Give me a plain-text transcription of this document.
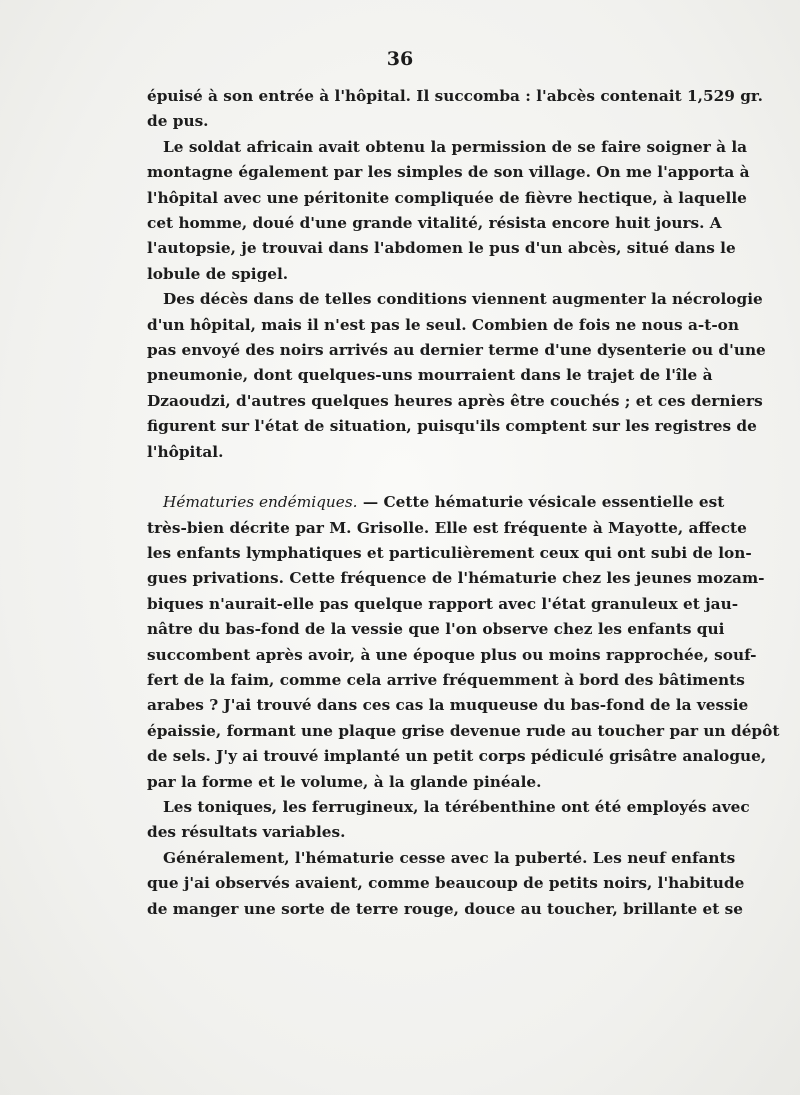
36
épuisé à son entrée à l'hôpital. Il succomba : l'abcès contenait 1,529 gr.
de pus.
Le soldat africain avait obtenu la permission de se faire soigner à la
montagne également par les simples de son village. On me l'apporta à
l'hôpital avec une péritonite compliquée de fièvre hectique, à laquelle
cet homme, doué d'une grande vitalité, résista encore huit jours. A
l'autopsie, je trouvai dans l'abdomen le pus d'un abcès, situé dans le
lobule de spigel.
Des décès dans de telles conditions viennent augmenter la nécrologie
d'un hôpital, mais il n'est pas le seul. Combien de fois ne nous a-t-on
pas envoyé des noirs arrivés au dernier terme d'une dysenterie ou d'une
pneumonie, dont quelques-uns mourraient dans le trajet de l'île à
Dzaoudzi, d'autres quelques heures après être couchés ; et ces derniers
figurent sur l'état de situation, puisqu'ils comptent sur les registres de
l'hôpital.
Hématuries endémiques. — Cette hématurie vésicale essentielle est
très-bien décrite par M. Grisolle. Elle est fréquente à Mayotte, affecte
les enfants lymphatiques et particulièrement ceux qui ont subi de lon-
gues privations. Cette fréquence de l'hématurie chez les jeunes mozam-
biques n'aurait-elle pas quelque rapport avec l'état granuleux et jau-
nâtre du bas-fond de la vessie que l'on observe chez les enfants qui
succombent après avoir, à une époque plus ou moins rapprochée, souf-
fert de la faim, comme cela arrive fréquemment à bord des bâtiments
arabes ? J'ai trouvé dans ces cas la muqueuse du bas-fond de la vessie
épaissie, formant une plaque grise devenue rude au toucher par un dépôt
de sels. J'y ai trouvé implanté un petit corps pédiculé grisâtre analogue,
par la forme et le volume, à la glande pinéale.
Les toniques, les ferrugineux, la térébenthine ont été employés avec
des résultats variables.
Généralement, l'hématurie cesse avec la puberté. Les neuf enfants
que j'ai observés avaient, comme beaucoup de petits noirs, l'habitude
de manger une sorte de terre rouge, douce au toucher, brillante et se
